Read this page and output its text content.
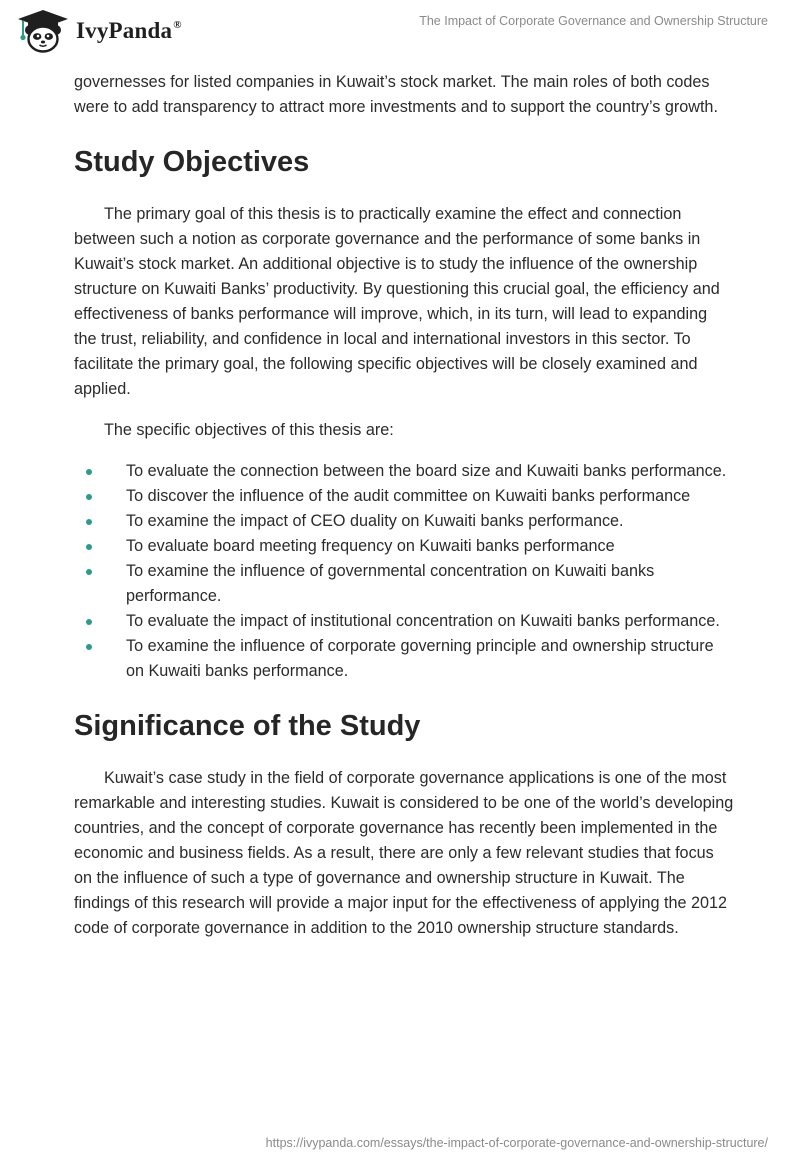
IvyPanda®	The Impact of Corporate Governance and Ownership Structure

governesses for listed companies in Kuwait’s stock market. The main roles of both codes were to add transparency to attract more investments and to support the country’s growth.

Study Objectives

The primary goal of this thesis is to practically examine the effect and connection between such a notion as corporate governance and the performance of some banks in Kuwait’s stock market. An additional objective is to study the influence of the ownership structure on Kuwaiti Banks’ productivity. By questioning this crucial goal, the efficiency and effectiveness of banks performance will improve, which, in its turn, will lead to expanding the trust, reliability, and confidence in local and international investors in this sector. To facilitate the primary goal, the following specific objectives will be closely examined and applied.

The specific objectives of this thesis are:

To evaluate the connection between the board size and Kuwaiti banks performance.
To discover the influence of the audit committee on Kuwaiti banks performance
To examine the impact of CEO duality on Kuwaiti banks performance.
To evaluate board meeting frequency on Kuwaiti banks performance
To examine the influence of governmental concentration on Kuwaiti banks performance.
To evaluate the impact of institutional concentration on Kuwaiti banks performance.
To examine the influence of corporate governing principle and ownership structure on Kuwaiti banks performance.
Significance of the Study

Kuwait’s case study in the field of corporate governance applications is one of the most remarkable and interesting studies. Kuwait is considered to be one of the world’s developing countries, and the concept of corporate governance has recently been implemented in the economic and business fields. As a result, there are only a few relevant studies that focus on the influence of such a type of governance and ownership structure in Kuwait. The findings of this research will provide a major input for the effectiveness of applying the 2012 code of corporate governance in addition to the 2010 ownership structure standards.

https://ivypanda.com/essays/the-impact-of-corporate-governance-and-ownership-structure/
